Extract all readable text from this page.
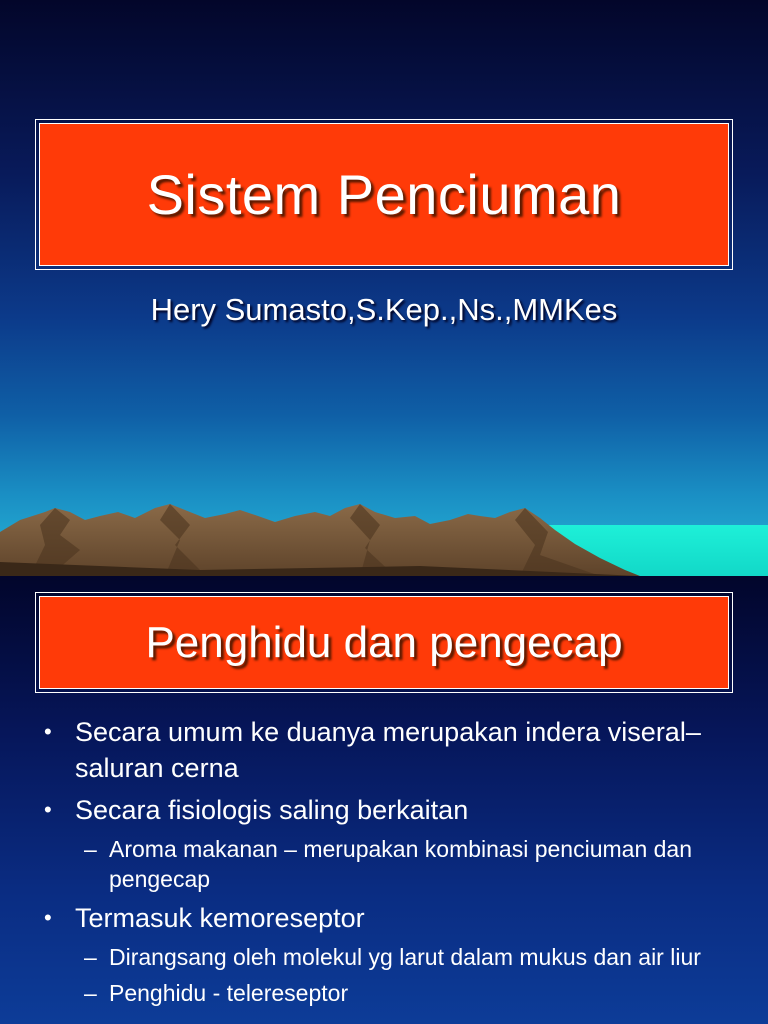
Sistem Penciuman
Hery Sumasto,S.Kep.,Ns.,MMKes
Penghidu dan pengecap
• Secara umum ke duanya merupakan indera viseral– saluran cerna
• Secara fisiologis saling berkaitan
– Aroma makanan – merupakan kombinasi penciuman dan pengecap
• Termasuk kemoreseptor
– Dirangsang oleh molekul yg larut dalam mukus dan air liur
– Penghidu - telereseptor
